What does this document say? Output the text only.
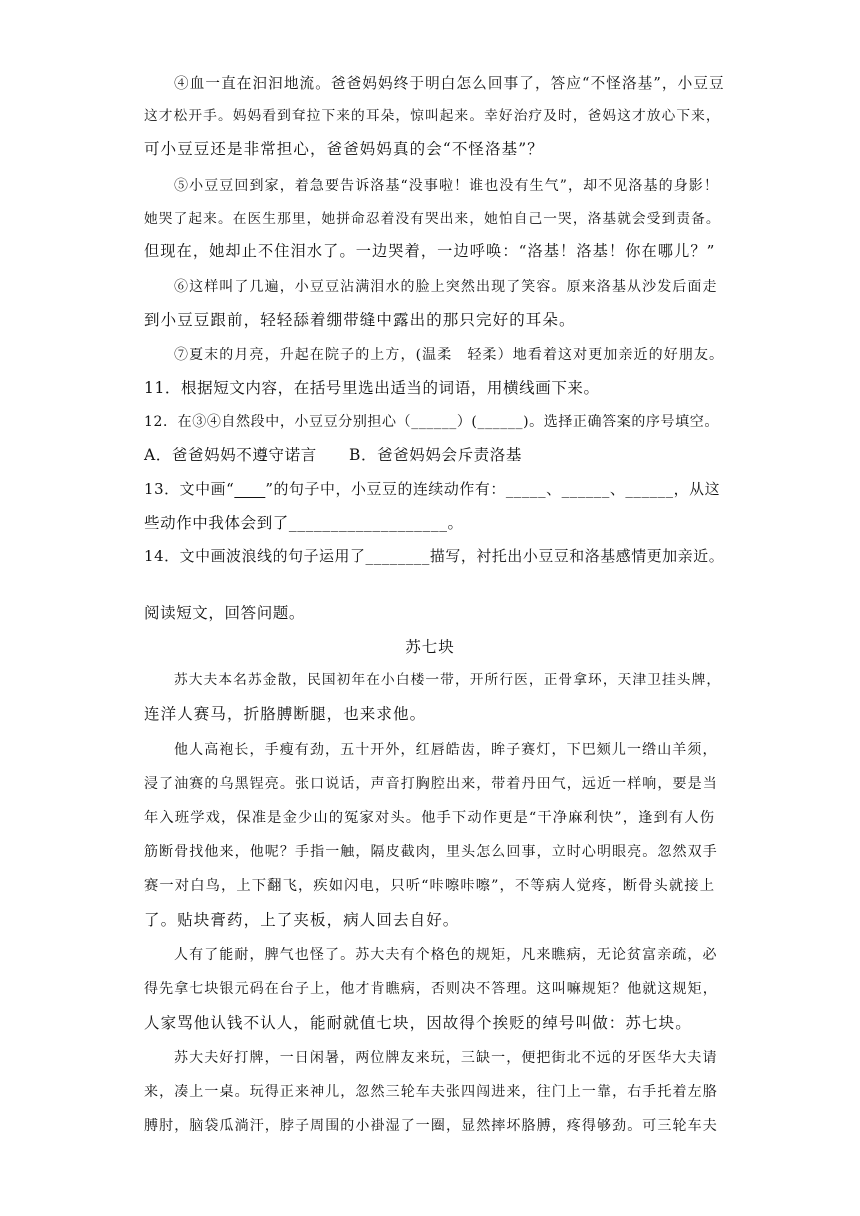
④血一直在汩汩地流。爸爸妈妈终于明白怎么回事了，答应“不怪洛基”，小豆豆
这才松开手。妈妈看到耷拉下来的耳朵，惊叫起来。幸好治疗及时，爸妈这才放心下来，
可小豆豆还是非常担心，爸爸妈妈真的会“不怪洛基”？
⑤小豆豆回到家，着急要告诉洛基“没事啦！谁也没有生气”，却不见洛基的身影！
她哭了起来。在医生那里，她拼命忍着没有哭出来，她怕自己一哭，洛基就会受到责备。
但现在，她却止不住泪水了。一边哭着，一边呼唤：“洛基！洛基！你在哪儿？”
⑥这样叫了几遍，小豆豆沾满泪水的脸上突然出现了笑容。原来洛基从沙发后面走
到小豆豆跟前，轻轻舔着绷带缝中露出的那只完好的耳朵。
⑦夏末的月亮，升起在院子的上方，(温柔　轻柔）地看着这对更加亲近的好朋友。
11．根据短文内容，在括号里选出适当的词语，用横线画下来。
12．在③④自然段中，小豆豆分别担心（______）(______)。选择正确答案的序号填空。
A．爸爸妈妈不遵守诺言　　B．爸爸妈妈会斥责洛基
13．文中画“　　 ”的句子中，小豆豆的连续动作有：_____、______、______，从这
些动作中我体会到了___________________。
14．文中画波浪线的句子运用了________描写，衬托出小豆豆和洛基感情更加亲近。
阅读短文，回答问题。
苏七块
苏大夫本名苏金散，民国初年在小白楼一带，开所行医，正骨拿环，天津卫挂头牌，
连洋人赛马，折胳膊断腿，也来求他。
他人高袍长，手瘦有劲，五十开外，红唇皓齿，眸子赛灯，下巴颏儿一绺山羊须，
浸了油赛的乌黑锃亮。张口说话，声音打胸腔出来，带着丹田气，远近一样响，要是当
年入班学戏，保准是金少山的冤家对头。他手下动作更是“干净麻利快”，逢到有人伤
筋断骨找他来，他呢？手指一触，隔皮截肉，里头怎么回事，立时心明眼亮。忽然双手
赛一对白鸟，上下翻飞，疾如闪电，只听“咔嚓咔嚓”，不等病人觉疼，断骨头就接上
了。贴块膏药，上了夹板，病人回去自好。
人有了能耐，脾气也怪了。苏大夫有个格色的规矩，凡来瞧病，无论贫富亲疏，必
得先拿七块银元码在台子上，他才肯瞧病，否则决不答理。这叫嘛规矩？他就这规矩，
人家骂他认钱不认人，能耐就值七块，因故得个挨贬的绰号叫做：苏七块。
苏大夫好打牌，一日闲暑，两位牌友来玩，三缺一，便把街北不远的牙医华大夫请
来，凑上一桌。玩得正来神儿，忽然三轮车夫张四闯进来，往门上一靠，右手托着左胳
膊肘，脑袋瓜淌汗，脖子周围的小褂湿了一圈，显然摔坏胳膊，疼得够劲。可三轮车夫
